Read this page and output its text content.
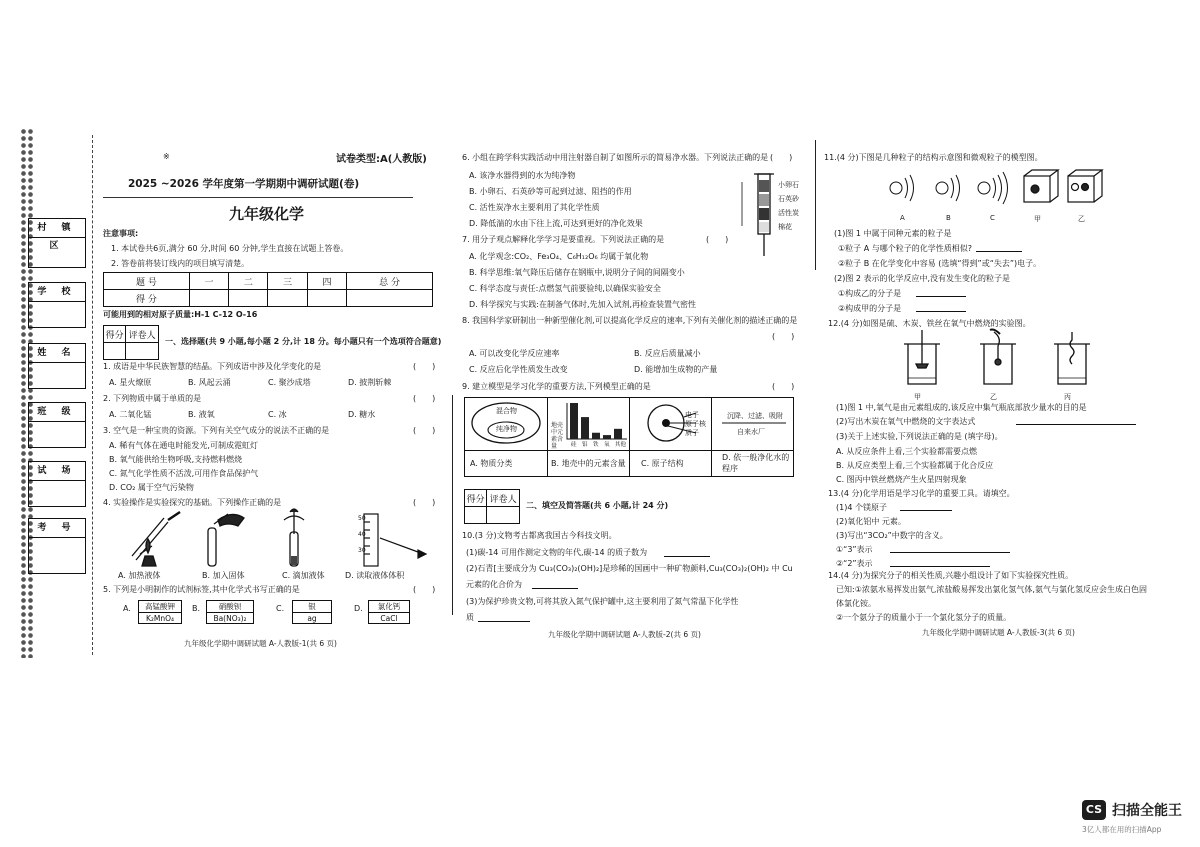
村 镇 区
学 校
姓 名
班 级
试 场
考 号
※	试卷类型:A(人教版)
2025 ~2026 学年度第一学期期中调研试题(卷)
九年级化学
注意事项:
1. 本试卷共6页,满分 60 分,时间 60 分钟,学生直接在试题上答卷。
2. 答卷前将装订线内的项目填写清楚。
题 号	一	二	三	四	总 分
得 分					
可能用到的相对原子质量:H-1 C-12 O-16
得分	评卷人

一、选择题(共 9 小题,每小题 2 分,计 18 分。每小题只有一个选项符合题意)
1. 成语是中华民族智慧的结晶。下列成语中涉及化学变化的是	(　　)
A. 星火燎原	B. 风起云涌	C. 聚沙成塔	D. 披荆斩棘
2. 下列物质中属于单质的是	(　　)
A. 二氧化锰	B. 液氧	C. 冰	D. 糖水
3. 空气是一种宝贵的资源。下列有关空气成分的说法不正确的是	(　　)
A. 稀有气体在通电时能发光,可制成霓虹灯
B. 氧气能供给生物呼吸,支持燃料燃烧
C. 氮气化学性质不活泼,可用作食品保护气
D. CO₂ 属于空气污染物
4. 实验操作是实验探究的基础。下列操作正确的是	(　　)
50
40
30
A. 加热液体	B. 加入固体	C. 滴加液体	D. 读取液体体积
5. 下列是小明制作的试剂标签,其中化学式书写正确的是	(　　)
A.	高锰酸钾
K₂MnO₄
B.	硝酸钡
Ba(NO₃)₂
C.	银
ag
D.	氯化钙
CaCl
九年级化学期中调研试题 A-人教版-1(共 6 页)
6. 小组在跨学科实践活动中用注射器自制了如图所示的简易净水器。下列说法正确的是 (　　)
A. 该净水器得到的水为纯净物
B. 小卵石、石英砂等可起到过滤、阻挡的作用
C. 活性炭净水主要利用了其化学性质
D. 降低湍的水由下往上流,可达到更好的净化效果
小卵石
石英砂
活性炭
棉花
7. 用分子观点解释化学学习是要重视。下列说法正确的是	(　　)
A. 化学观念:CO₂、Fe₃O₄、C₆H₁₂O₆ 均属于氧化物
B. 科学思维:氧气降压后储存在钢瓶中,说明分子间的间隔变小
C. 科学态度与责任:点燃氢气前要验纯,以确保实验安全
D. 科学探究与实践:在制备气体时,先加入试剂,再检查装置气密性
8. 我国科学家研制出一种新型催化剂,可以提高化学反应的速率,下列有关催化剂的描述正确的是
(　　)
A. 可以改变化学反应速率	B. 反应后质量减小
C. 反应后化学性质发生改变	D. 能增加生成物的产量
9. 建立模型是学习化学的重要方法,下列模型正确的是	(　　)
硅 铝 铁 氧 其他
混合物
纯净物	地壳中元素含量
电子
原子核
质子
沉降、过滤、吸附
自来水厂
A. 物质分类	B. 地壳中的元素含量 C. 原子结构
D. 依一般净化水的程序
得分	评卷人

二、填空及简答题(共 6 小题,计 24 分)
10.(3 分)文物考古都离我国古今科技文明。
(1)碳-14 可用作测定文物的年代,碳-14 的质子数为
(2)石青[主要成分为 Cu₃(CO₃)₂(OH)₂]是珍稀的国画中一种矿物颜料,Cu₃(CO₃)₂(OH)₂ 中 Cu
元素的化合价为
(3)为保护珍贵文物,可将其放入氮气保护罐中,这主要利用了氮气常温下化学性
质
九年级化学期中调研试题 A-人教版-2(共 6 页)
11.(4 分)下图是几种粒子的结构示意图和微观粒子的模型图。
A	B	C	甲	乙
(1)图 1 中属于同种元素的粒子是
①粒子 A 与哪个粒子的化学性质相似?
②粒子 B 在化学变化中容易 (选填“得到”或“失去”)电子。
(2)图 2 表示的化学反应中,没有发生变化的粒子是
①构成乙的分子是
②构成甲的分子是
12.(4 分)如图是硫、木炭、铁丝在氧气中燃烧的实验图。
甲	乙	丙
(1)图 1 中,氧气是由元素组成的,该反应中集气瓶底部放少量水的目的是
(2)写出木炭在氧气中燃烧的文字表达式
(3)关于上述实验,下列说法正确的是 (填字母)。
A. 从反应条件上看,三个实验都需要点燃
B. 从反应类型上看,三个实验都属于化合反应
C. 图丙中铁丝燃烧产生火星四射现象
13.(4 分)化学用语是学习化学的重要工具。请填空。
(1)4 个镁原子
(2)氧化铝中 元素。
(3)写出“3CO₂”中数字的含义。
①“3”表示
②“2”表示
14.(4 分)为探究分子的相关性质,兴趣小组设计了如下实验探究性质。
已知:①浓氨水易挥发出氨气,浓盐酸易挥发出氯化氢气体,氨气与氯化氢反应会生成白色固
体氯化铵。
②一个氨分子的质量小于一个氯化氢分子的质量。
九年级化学期中调研试题 A-人教版-3(共 6 页)
CS 扫描全能王
3亿人都在用的扫描App
